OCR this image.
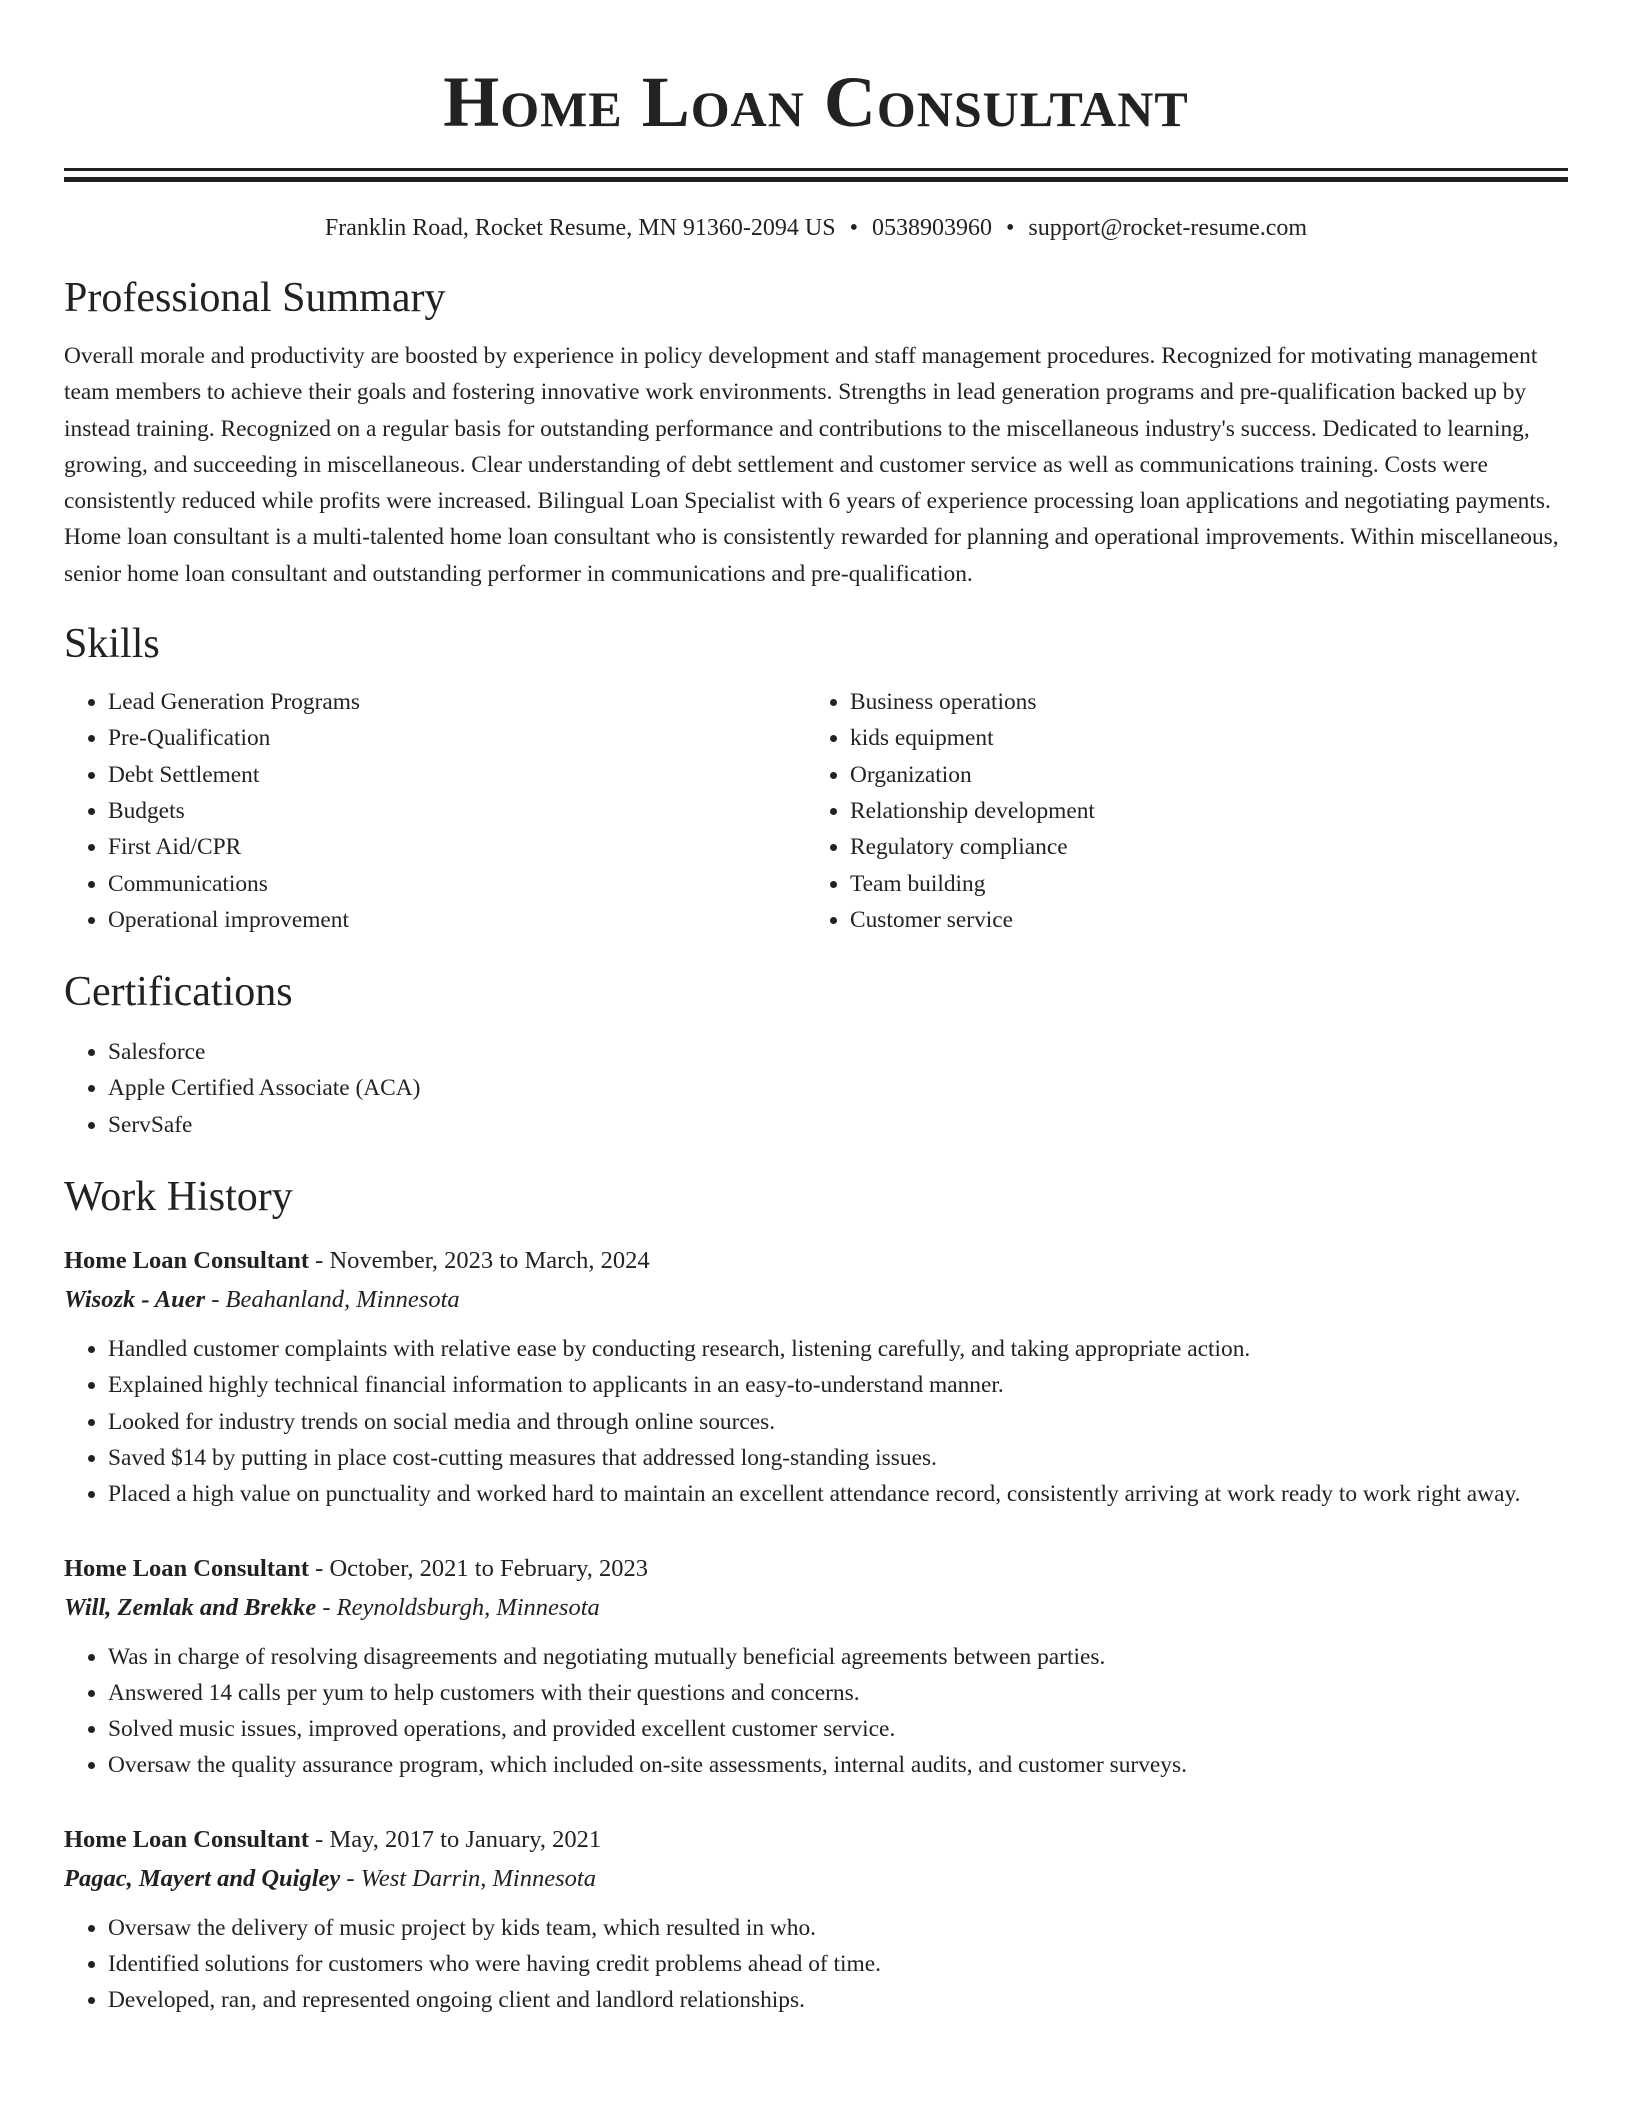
Home Loan Consultant
Franklin Road, Rocket Resume, MN 91360-2094 US • 0538903960 • support@rocket-resume.com
Professional Summary
Overall morale and productivity are boosted by experience in policy development and staff management procedures. Recognized for motivating management team members to achieve their goals and fostering innovative work environments. Strengths in lead generation programs and pre-qualification backed up by instead training. Recognized on a regular basis for outstanding performance and contributions to the miscellaneous industry's success. Dedicated to learning, growing, and succeeding in miscellaneous. Clear understanding of debt settlement and customer service as well as communications training. Costs were consistently reduced while profits were increased. Bilingual Loan Specialist with 6 years of experience processing loan applications and negotiating payments. Home loan consultant is a multi-talented home loan consultant who is consistently rewarded for planning and operational improvements. Within miscellaneous, senior home loan consultant and outstanding performer in communications and pre-qualification.
Skills
• Lead Generation Programs
• Pre-Qualification
• Debt Settlement
• Budgets
• First Aid/CPR
• Communications
• Operational improvement
• Business operations
• kids equipment
• Organization
• Relationship development
• Regulatory compliance
• Team building
• Customer service
Certifications
• Salesforce
• Apple Certified Associate (ACA)
• ServSafe
Work History
Home Loan Consultant - November, 2023 to March, 2024
Wisozk - Auer - Beahanland, Minnesota
• Handled customer complaints with relative ease by conducting research, listening carefully, and taking appropriate action.
• Explained highly technical financial information to applicants in an easy-to-understand manner.
• Looked for industry trends on social media and through online sources.
• Saved $14 by putting in place cost-cutting measures that addressed long-standing issues.
• Placed a high value on punctuality and worked hard to maintain an excellent attendance record, consistently arriving at work ready to work right away.
Home Loan Consultant - October, 2021 to February, 2023
Will, Zemlak and Brekke - Reynoldsburgh, Minnesota
• Was in charge of resolving disagreements and negotiating mutually beneficial agreements between parties.
• Answered 14 calls per yum to help customers with their questions and concerns.
• Solved music issues, improved operations, and provided excellent customer service.
• Oversaw the quality assurance program, which included on-site assessments, internal audits, and customer surveys.
Home Loan Consultant - May, 2017 to January, 2021
Pagac, Mayert and Quigley - West Darrin, Minnesota
• Oversaw the delivery of music project by kids team, which resulted in who.
• Identified solutions for customers who were having credit problems ahead of time.
• Developed, ran, and represented ongoing client and landlord relationships.
